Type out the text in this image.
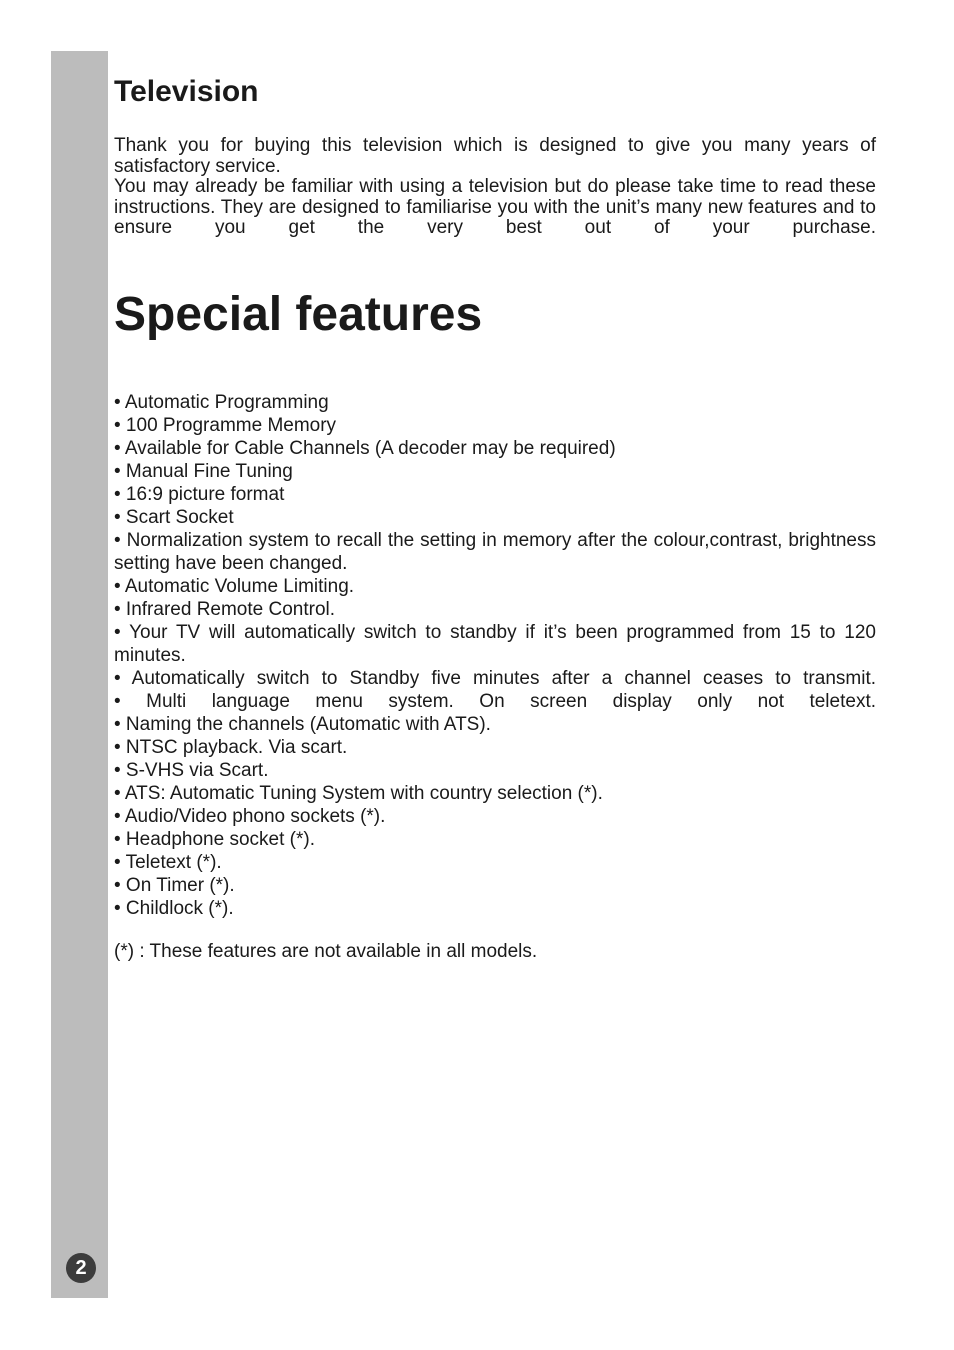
2
Television

Thank you for buying this television which is designed to give you many years of satisfactory service.

You may already be familiar with using a television but do please take time to read these instructions. They are designed to familiarise you with the unit’s many new features and to ensure you get the very best out of your purchase.

Special features
• Automatic Programming
• 100 Programme Memory
• Available for Cable Channels (A decoder may be required)
• Manual Fine Tuning
• 16:9 picture format
• Scart Socket
• Normalization system to recall the setting in memory after the colour,contrast, brightness setting have been changed.
• Automatic Volume Limiting.
• Infrared Remote Control.
• Your TV will automatically switch to standby if it’s been programmed from 15 to 120 minutes.
• Automatically switch to Standby five minutes after a channel ceases to transmit.
• Multi language menu system. On screen display only not teletext.
• Naming the channels (Automatic with ATS).
• NTSC playback. Via scart.
• S-VHS via Scart.
• ATS: Automatic Tuning System with country selection (*).
• Audio/Video phono sockets (*).
• Headphone socket (*).
• Teletext (*).
• On Timer (*).
• Childlock (*).

(*) : These features are not available in all models.
